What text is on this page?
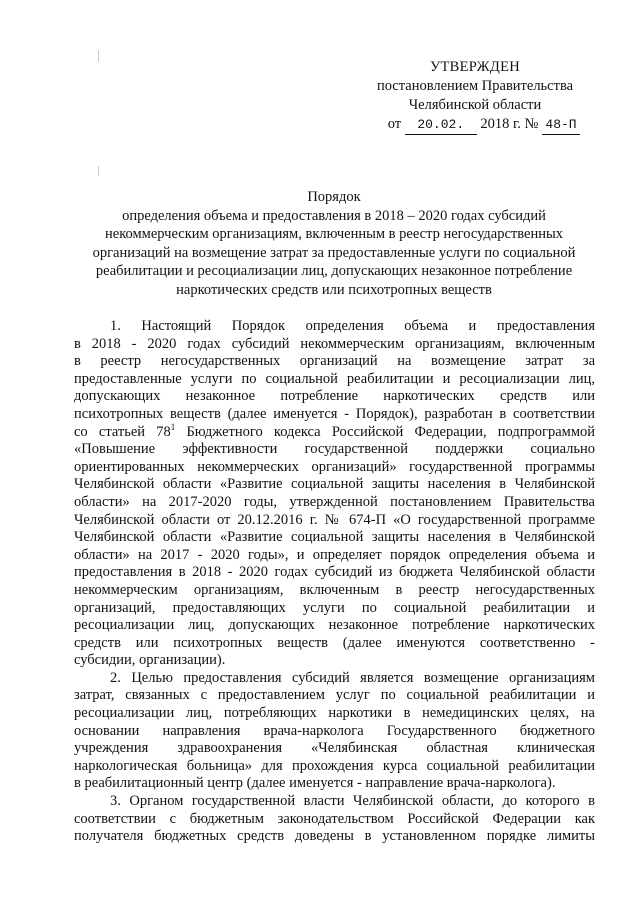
УТВЕРЖДЕН
постановлением Правительства
Челябинской области
от 20.02. 2018 г. № 48-П
Порядок
определения объема и предоставления в 2018 – 2020 годах субсидий
некоммерческим организациям, включенным в реестр негосударственных
организаций на возмещение затрат за предоставленные услуги по социальной
реабилитации и ресоциализации лиц, допускающих незаконное потребление
наркотических средств или психотропных веществ
1. Настоящий Порядок определения объема и предоставления
в 2018 - 2020 годах субсидий некоммерческим организациям, включенным
в реестр негосударственных организаций на возмещение затрат за
предоставленные услуги по социальной реабилитации и ресоциализации лиц,
допускающих незаконное потребление наркотических средств или
психотропных веществ (далее именуется - Порядок), разработан в соответствии
со статьей $78^1$ Бюджетного кодекса Российской Федерации, подпрограммой
«Повышение эффективности государственной поддержки социально
ориентированных некоммерческих организаций» государственной программы
Челябинской области «Развитие социальной защиты населения в Челябинской
области» на 2017-2020 годы, утвержденной постановлением Правительства
Челябинской области от 20.12.2016 г. № 674-П «О государственной программе
Челябинской области «Развитие социальной защиты населения в Челябинской
области» на 2017 - 2020 годы», и определяет порядок определения объема и
предоставления в 2018 - 2020 годах субсидий из бюджета Челябинской области
некоммерческим организациям, включенным в реестр негосударственных
организаций, предоставляющих услуги по социальной реабилитации и
ресоциализации лиц, допускающих незаконное потребление наркотических
средств или психотропных веществ (далее именуются соответственно -
субсидии, организации).
2. Целью предоставления субсидий является возмещение организациям
затрат, связанных с предоставлением услуг по социальной реабилитации и
ресоциализации лиц, потребляющих наркотики в немедицинских целях, на
основании направления врача-нарколога Государственного бюджетного
учреждения здравоохранения «Челябинская областная клиническая
наркологическая больница» для прохождения курса социальной реабилитации
в реабилитационный центр (далее именуется - направление врача-нарколога).
3. Органом государственной власти Челябинской области, до которого в
соответствии с бюджетным законодательством Российской Федерации как
получателя бюджетных средств доведены в установленном порядке лимиты
